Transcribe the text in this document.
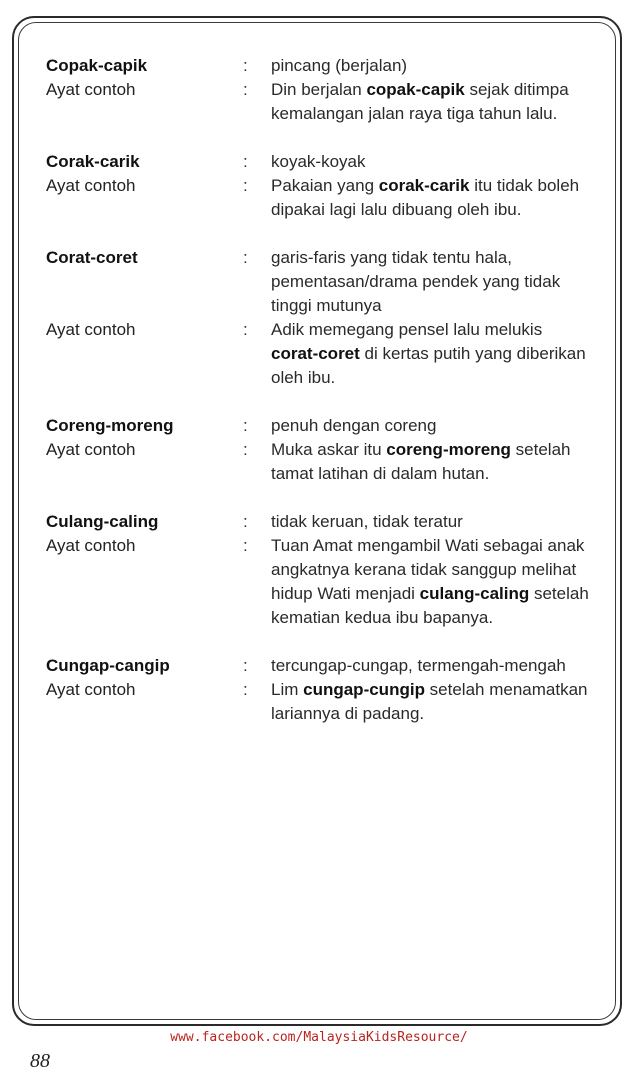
Copak-capik	:	pincang (berjalan)
Ayat contoh	:	Din berjalan copak-capik sejak ditimpa kemalangan jalan raya tiga tahun lalu.
Corak-carik	:	koyak-koyak
Ayat contoh	:	Pakaian yang corak-carik itu tidak boleh dipakai lagi lalu dibuang oleh ibu.
Corat-coret	:	garis-faris yang tidak tentu hala, pementasan/drama pendek yang tidak tinggi mutunya
Ayat contoh	:	Adik memegang pensel lalu melukis corat-coret di kertas putih yang diberikan oleh ibu.
Coreng-moreng	:	penuh dengan coreng
Ayat contoh	:	Muka askar itu coreng-moreng setelah tamat latihan di dalam hutan.
Culang-caling	:	tidak keruan, tidak teratur
Ayat contoh	:	Tuan Amat mengambil Wati sebagai anak angkatnya kerana tidak sanggup melihat hidup Wati menjadi culang-caling setelah kematian kedua ibu bapanya.
Cungap-cangip	:	tercungap-cungap, termengah-mengah
Ayat contoh	:	Lim cungap-cungip setelah menamatkan lariannya di padang.
www.facebook.com/MalaysiaKidsResource/
88
